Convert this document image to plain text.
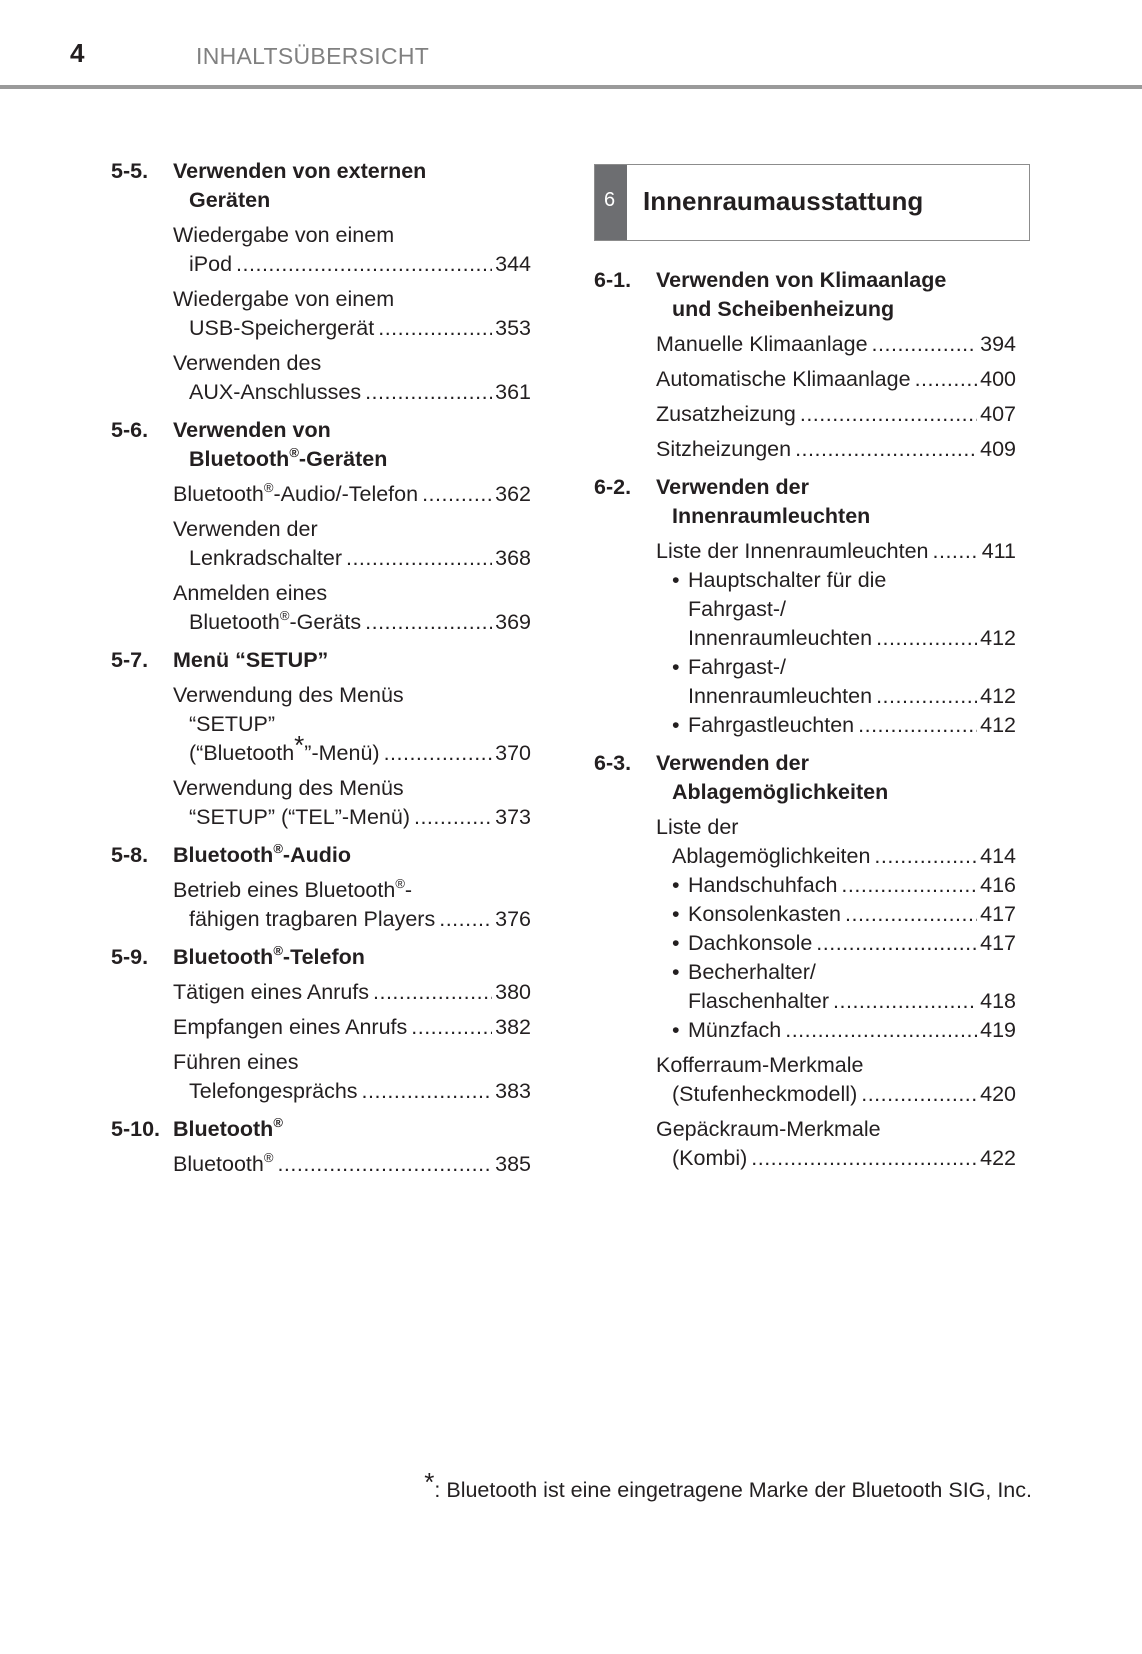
4	INHALTSÜBERSICHT
5-5. Verwenden von externen
Geräten
Wiedergabe von einem
iPod .....	344
Wiedergabe von einem
USB-Speichergerät .....	353
Verwenden des
AUX-Anschlusses .....	361
5-6. Verwenden von
Bluetooth®-Geräten
Bluetooth®-Audio/-Telefon .....	362
Verwenden der
Lenkradschalter .....	368
Anmelden eines
Bluetooth®-Geräts .....	369
5-7. Menü “SETUP”
Verwendung des Menüs
“SETUP”
(“Bluetooth*”-Menü) .....	370
Verwendung des Menüs
“SETUP” (“TEL”-Menü) .....	373
5-8. Bluetooth®-Audio
Betrieb eines Bluetooth®-
fähigen tragbaren Players .....	376
5-9. Bluetooth®-Telefon
Tätigen eines Anrufs .....	380
Empfangen eines Anrufs .....	382
Führen eines
Telefongesprächs .....	383
5-10. Bluetooth®
Bluetooth® .....	385
6 Innenraumausstattung
6-1. Verwenden von Klimaanlage
und Scheibenheizung
Manuelle Klimaanlage .....	394
Automatische Klimaanlage .....	400
Zusatzheizung .....	407
Sitzheizungen .....	409
6-2. Verwenden der
Innenraumleuchten
Liste der Innenraumleuchten ..... 411
• Hauptschalter für die
Fahrgast-/
Innenraumleuchten .....	412
• Fahrgast-/
Innenraumleuchten .....	412
• Fahrgastleuchten .....	412
6-3. Verwenden der
Ablagemöglichkeiten
Liste der
Ablagemöglichkeiten .....	414
• Handschuhfach .....	416
• Konsolenkasten .....	417
• Dachkonsole .....	417
• Becherhalter/
Flaschenhalter .....	418
• Münzfach .....	419
Kofferraum-Merkmale
(Stufenheckmodell) .....	420
Gepäckraum-Merkmale
(Kombi) .....	422
*: Bluetooth ist eine eingetragene Marke der Bluetooth SIG, Inc.
